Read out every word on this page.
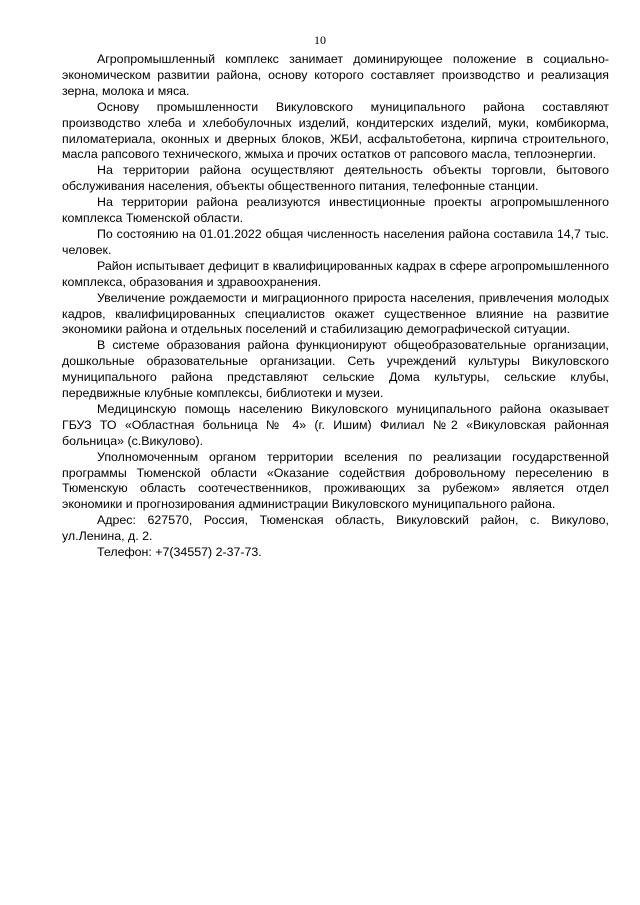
10

Агропромышленный комплекс занимает доминирующее положение в социально-экономическом развитии района, основу которого составляет производство и реализация зерна, молока и мяса.

Основу промышленности Викуловского муниципального района составляют производство хлеба и хлебобулочных изделий, кондитерских изделий, муки, комбикорма, пиломатериала, оконных и дверных блоков, ЖБИ, асфальтобетона, кирпича строительного, масла рапсового технического, жмыха и прочих остатков от рапсового масла, теплоэнергии.

На территории района осуществляют деятельность объекты торговли, бытового обслуживания населения, объекты общественного питания, телефонные станции.

На территории района реализуются инвестиционные проекты агропромышленного комплекса Тюменской области.

По состоянию на 01.01.2022 общая численность населения района составила 14,7 тыс. человек.

Район испытывает дефицит в квалифицированных кадрах в сфере агропромышленного комплекса, образования и здравоохранения.

Увеличение рождаемости и миграционного прироста населения, привлечения молодых кадров, квалифицированных специалистов окажет существенное влияние на развитие экономики района и отдельных поселений и стабилизацию демографической ситуации.

В системе образования района функционируют общеобразовательные организации, дошкольные образовательные организации. Сеть учреждений культуры Викуловского муниципального района представляют сельские Дома культуры, сельские клубы, передвижные клубные комплексы, библиотеки и музеи.

Медицинскую помощь населению Викуловского муниципального района оказывает ГБУЗ ТО «Областная больница № 4» (г. Ишим) Филиал №2 «Викуловская районная больница» (с.Викулово).

Уполномоченным органом территории вселения по реализации государственной программы Тюменской области «Оказание содействия добровольному переселению в Тюменскую область соотечественников, проживающих за рубежом» является отдел экономики и прогнозирования администрации Викуловского муниципального района.

Адрес: 627570, Россия, Тюменская область, Викуловский район, с. Викулово, ул.Ленина, д. 2.

Телефон: +7(34557) 2-37-73.
